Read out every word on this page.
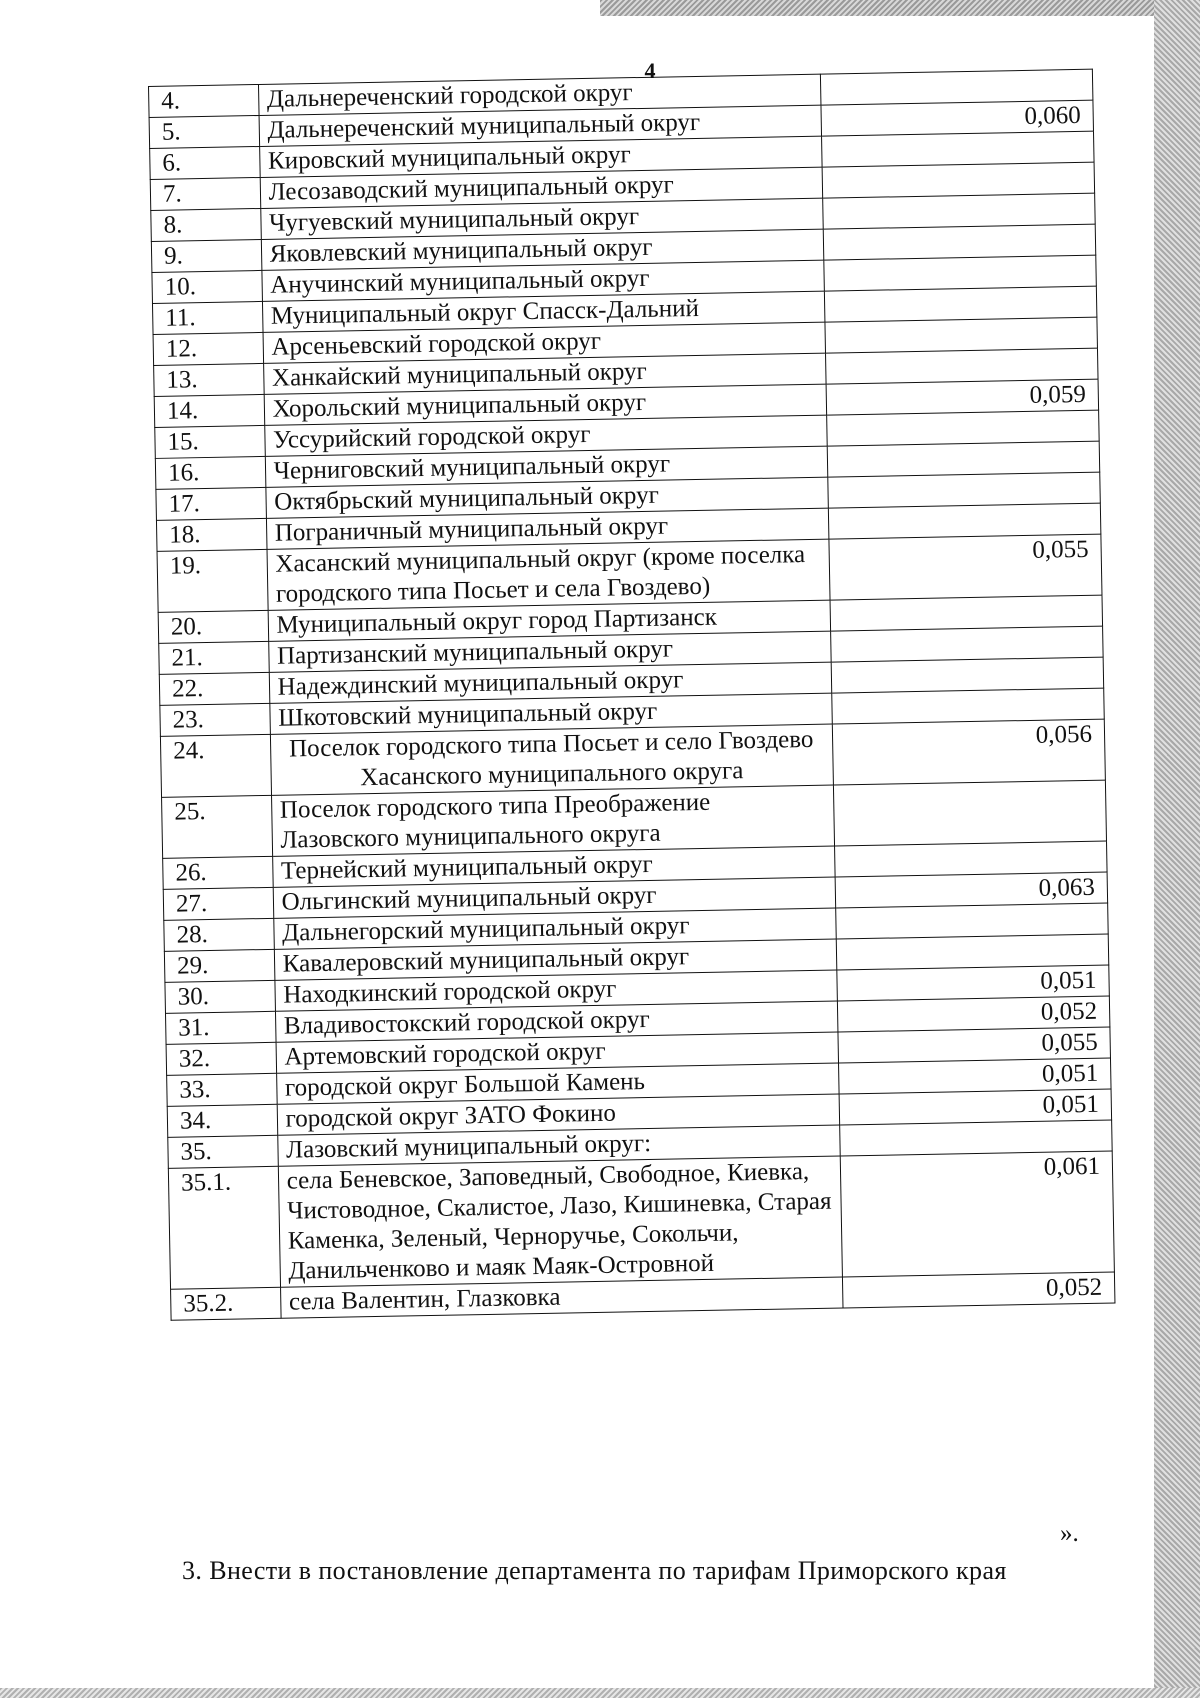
4
4.	Дальнереченский городской округ	
5.	Дальнереченский муниципальный округ	0,060
6.	Кировский муниципальный округ	
7.	Лесозаводский муниципальный округ	
8.	Чугуевский муниципальный округ	
9.	Яковлевский муниципальный округ	
10.	Анучинский муниципальный округ	
11.	Муниципальный округ Спасск-Дальний	
12.	Арсеньевский городской округ	
13.	Ханкайский муниципальный округ	
14.	Хорольский муниципальный округ	0,059
15.	Уссурийский городской округ	
16.	Черниговский муниципальный округ	
17.	Октябрьский муниципальный округ	
18.	Пограничный муниципальный округ	
19.	Хасанский муниципальный округ (кроме поселка городского типа Посьет и села Гвоздево)	0,055
20.	Муниципальный округ город Партизанск	
21.	Партизанский муниципальный округ	
22.	Надеждинский муниципальный округ	
23.	Шкотовский муниципальный округ	
24.	Поселок городского типа Посьет и село Гвоздево Хасанского муниципального округа	0,056
25.	Поселок городского типа Преображение Лазовского муниципального округа	
26.	Тернейский муниципальный округ	
27.	Ольгинский муниципальный округ	0,063
28.	Дальнегорский муниципальный округ	
29.	Кавалеровский муниципальный округ	
30.	Находкинский городской округ	0,051
31.	Владивостокский городской округ	0,052
32.	Артемовский городской округ	0,055
33.	городской округ Большой Камень	0,051
34.	городской округ ЗАТО Фокино	0,051
35.	Лазовский муниципальный округ:	
35.1.	села Беневское, Заповедный, Свободное, Киевка, Чистоводное, Скалистое, Лазо, Кишиневка, Старая Каменка, Зеленый, Черноручье, Сокольчи, Данильченково и маяк Маяк-Островной	0,061
35.2.	села Валентин, Глазковка	0,052
».
3. Внести в постановление департамента по тарифам Приморского края
